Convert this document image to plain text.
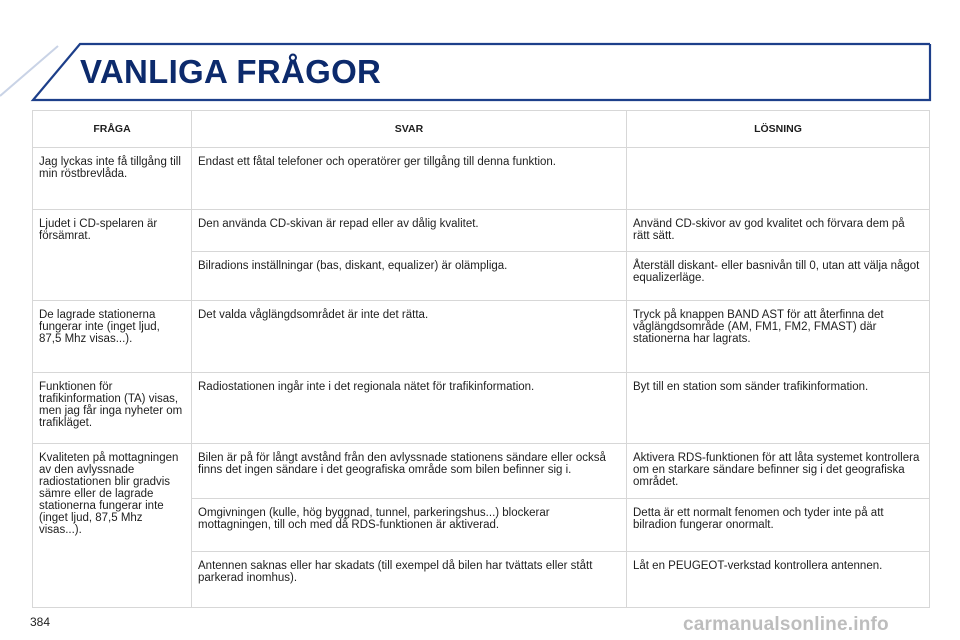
VANLIGA FRÅGOR
FRÅGA	SVAR	LÖSNING
Jag lyckas inte få tillgång till min röstbrevlåda.	Endast ett fåtal telefoner och operatörer ger tillgång till denna funktion.	
Ljudet i CD-spelaren är försämrat.	Den använda CD-skivan är repad eller av dålig kvalitet.	Använd CD-skivor av god kvalitet och förvara dem på rätt sätt.
	Bilradions inställningar (bas, diskant, equalizer) är olämpliga.	Återställ diskant- eller basnivån till 0, utan att välja något equalizerläge.
De lagrade stationerna fungerar inte (inget ljud, 87,5 Mhz visas...).	Det valda våglängdsområdet är inte det rätta.	Tryck på knappen BAND AST för att återfinna det våglängdsområde (AM, FM1, FM2, FMAST) där stationerna har lagrats.
Funktionen för trafikinformation (TA) visas, men jag får inga nyheter om trafikläget.	Radiostationen ingår inte i det regionala nätet för trafikinformation.	Byt till en station som sänder trafikinformation.
Kvaliteten på mottagningen av den avlyssnade radiostationen blir gradvis sämre eller de lagrade stationerna fungerar inte (inget ljud, 87,5 Mhz visas...).	Bilen är på för långt avstånd från den avlyssnade stationens sändare eller också finns det ingen sändare i det geografiska område som bilen befinner sig i.	Aktivera RDS-funktionen för att låta systemet kontrollera om en starkare sändare befinner sig i det geografiska området.
	Omgivningen (kulle, hög byggnad, tunnel, parkeringshus...) blockerar mottagningen, till och med då RDS-funktionen är aktiverad.	Detta är ett normalt fenomen och tyder inte på att bilradion fungerar onormalt.
	Antennen saknas eller har skadats (till exempel då bilen har tvättats eller stått parkerad inomhus).	Låt en PEUGEOT-verkstad kontrollera antennen.
384	carmanualsonline.info
